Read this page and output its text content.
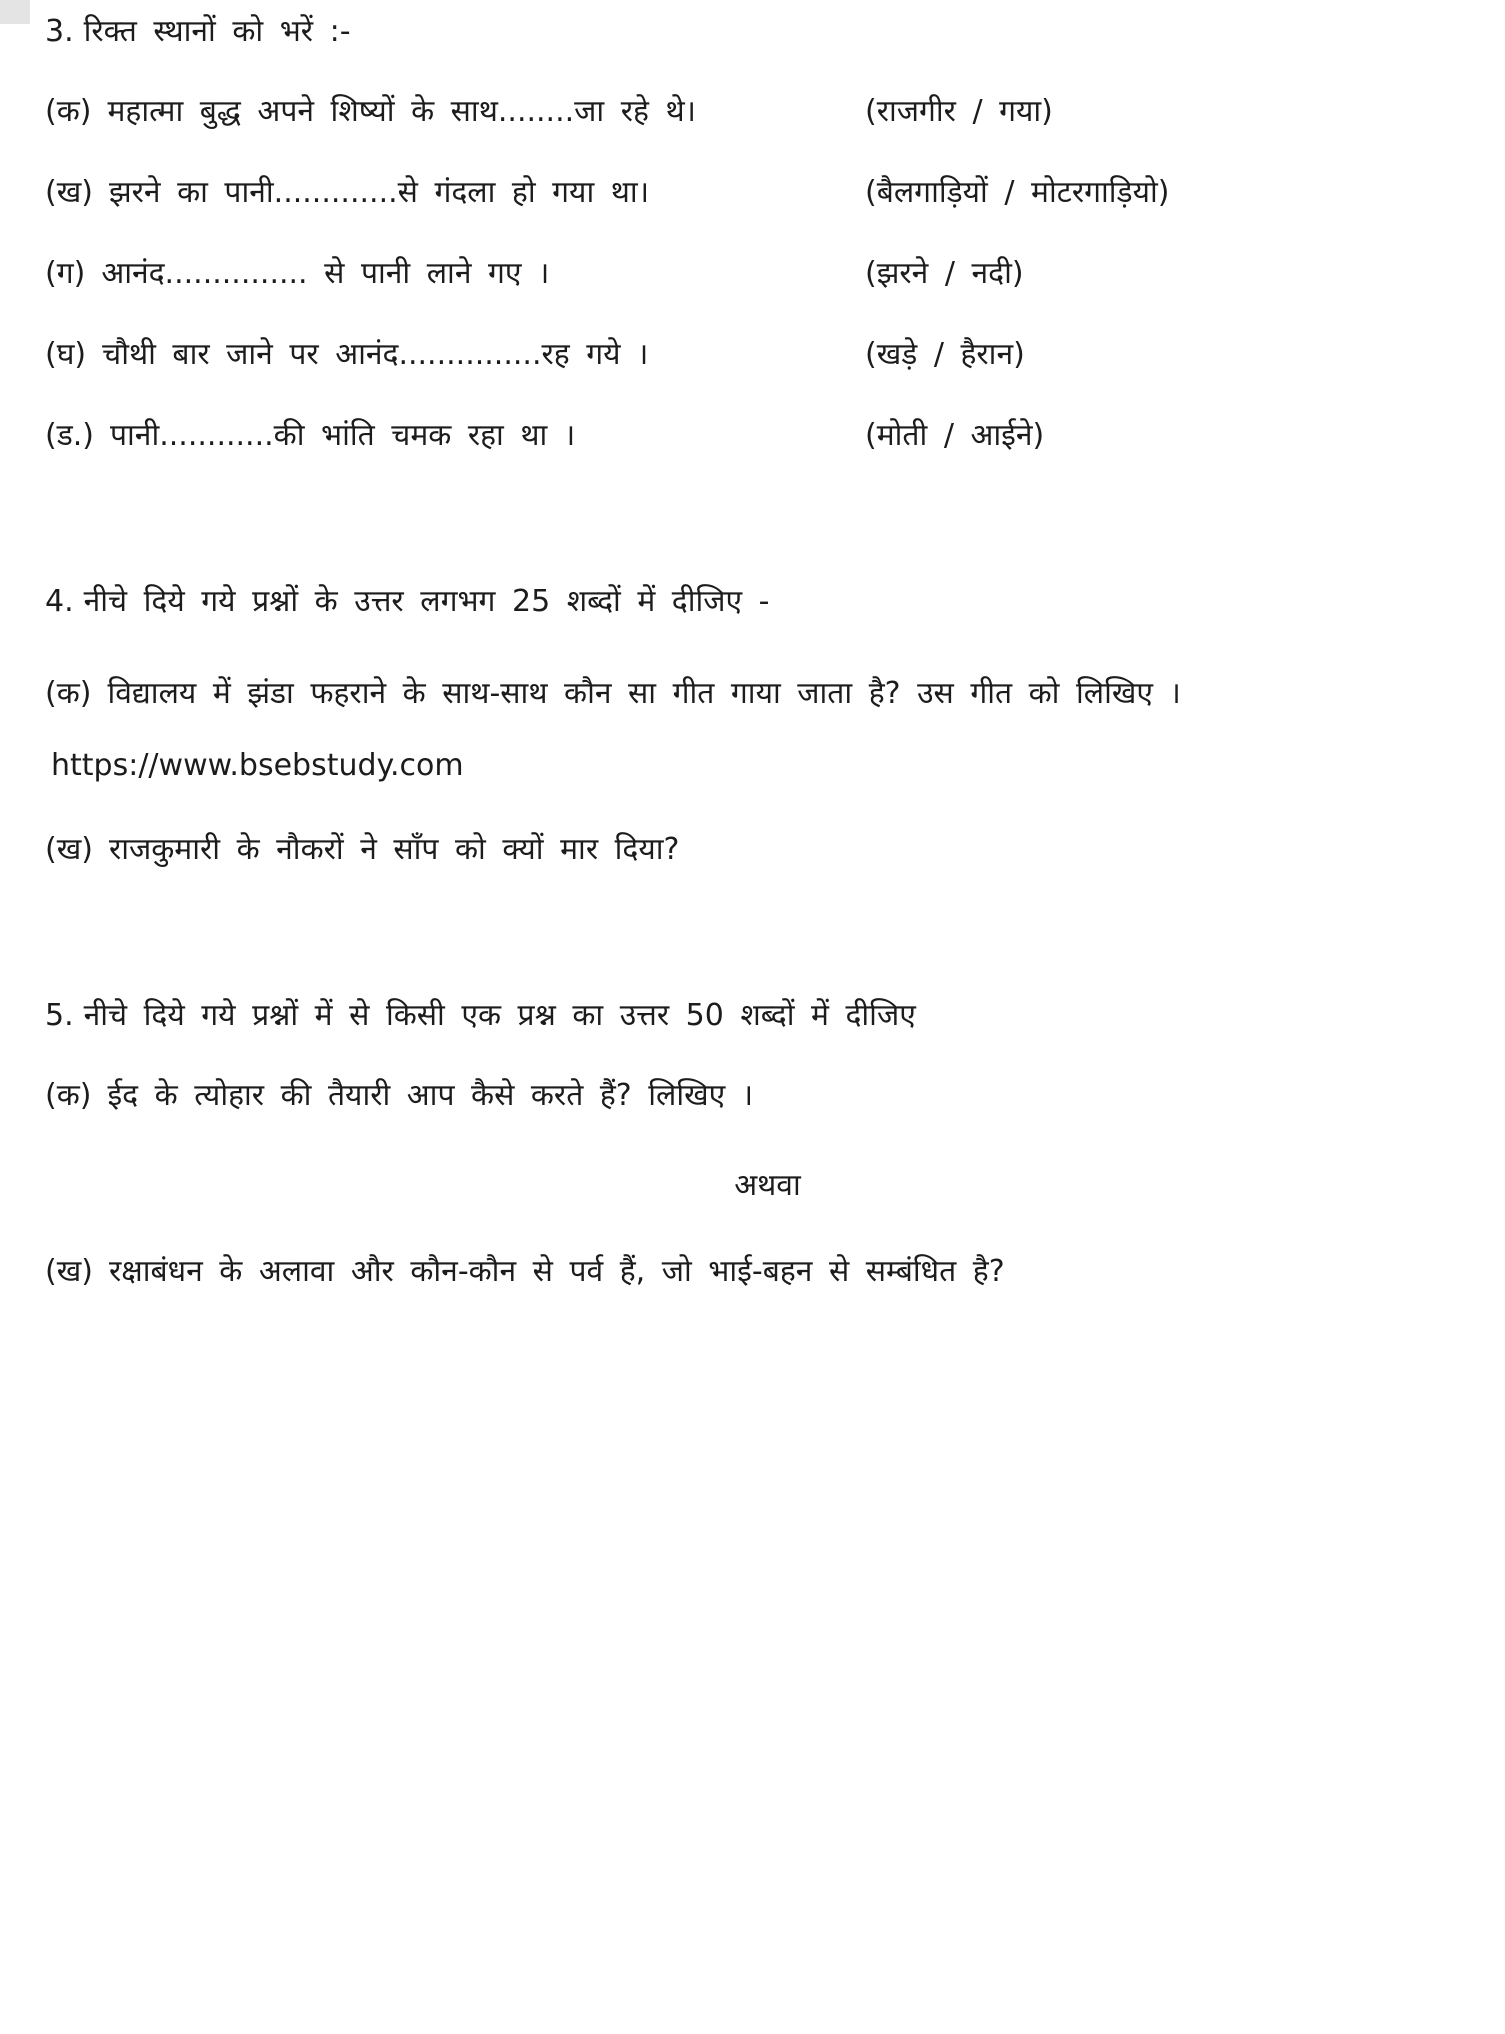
3. रिक्त स्थानों को भरें :-

(क) महात्मा बुद्ध अपने शिष्यों के साथ........जा रहे थे।	(राजगीर / गया)

(ख) झरने का पानी.............से गंदला हो गया था।	(बैलगाड़ियों / मोटरगाड़ियो)

(ग) आनंद............... से पानी लाने गए ।	(झरने / नदी)

(घ) चौथी बार जाने पर आनंद...............रह गये ।	(खड़े / हैरान)

(ड.) पानी............की भांति चमक रहा था ।	(मोती / आईने)

4. नीचे दिये गये प्रश्नों के उत्तर लगभग 25 शब्दों में दीजिए -

(क) विद्यालय में झंडा फहराने के साथ-साथ कौन सा गीत गाया जाता है? उस गीत को लिखिए । https://www.bsebstudy.com

(ख) राजकुमारी के नौकरों ने साँप को क्यों मार दिया?

5. नीचे दिये गये प्रश्नों में से किसी एक प्रश्न का उत्तर 50 शब्दों में दीजिए

(क) ईद के त्योहार की तैयारी आप कैसे करते हैं? लिखिए ।

अथवा

(ख) रक्षाबंधन के अलावा और कौन-कौन से पर्व हैं, जो भाई-बहन से सम्बंधित है?
